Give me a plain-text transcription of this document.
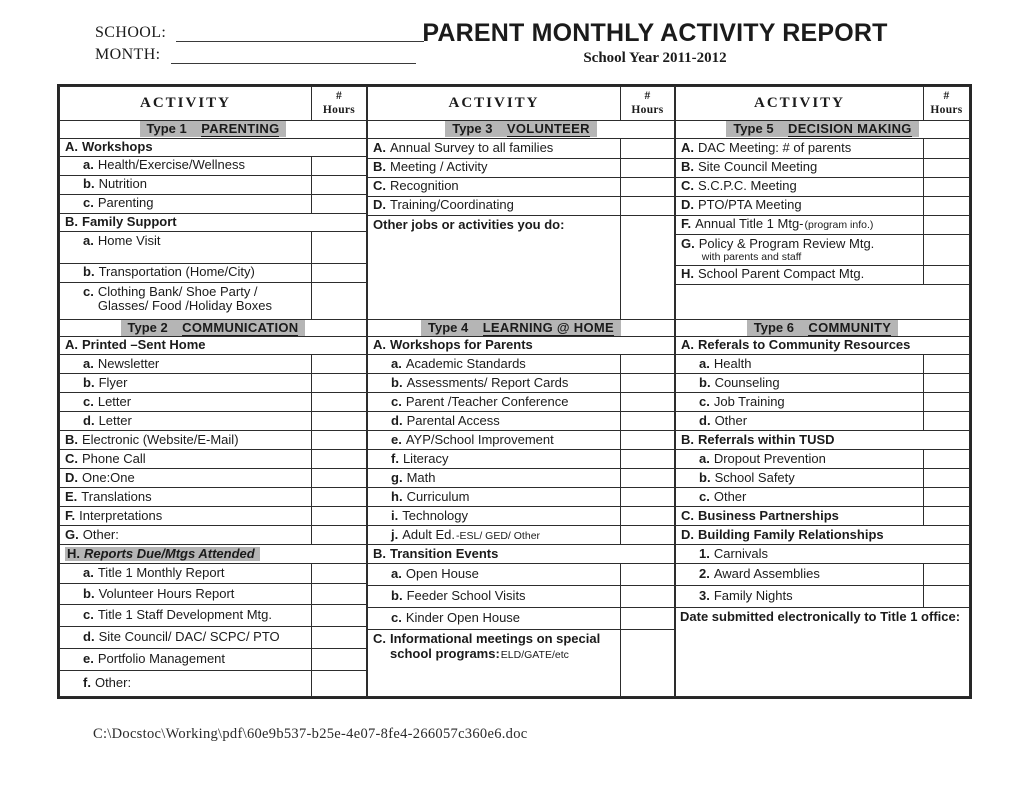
SCHOOL:
MONTH:
PARENT MONTHLY ACTIVITY REPORT
School Year 2011-2012
ACTIVITY	#
Hours

Type 1    PARENTING	

A. Workshops	

a. Health/Exercise/Wellness	

b. Nutrition	

c. Parenting	

B. Family Support	

a. Home Visit	

b. Transportation (Home/City)	

c. Clothing Bank/ Shoe Party / Glasses/ Food /Holiday Boxes	

Type 2    COMMUNICATION	

A. Printed –Sent Home	

a. Newsletter	

b. Flyer	

c. Letter	

d. Letter	

B. Electronic (Website/E-Mail)	

C. Phone Call	

D. One:One	

E. Translations	

F. Interpretations	

G. Other:	

H. Reports Due/Mtgs Attended	

a. Title 1 Monthly Report	

b. Volunteer Hours Report	

c. Title 1 Staff Development Mtg.	

d. Site Council/ DAC/ SCPC/ PTO	

e. Portfolio Management	

f. Other:	

ACTIVITY	#
Hours

Type 3    VOLUNTEER	

A. Annual Survey to all families	

B. Meeting / Activity	

C. Recognition	

D. Training/Coordinating	

Other jobs or activities you do:	

Type 4    LEARNING @ HOME	

A. Workshops for Parents	

a. Academic Standards	

b. Assessments/ Report Cards	

c. Parent /Teacher Conference	

d. Parental Access	

e. AYP/School Improvement	

f. Literacy	

g. Math	

h. Curriculum	

i. Technology	

j. Adult Ed.-ESL/ GED/ Other	

B. Transition Events	

a. Open House	

b. Feeder School Visits	

c. Kinder Open House	

C. Informational meetings on special school programs:ELD/GATE/etc	

ACTIVITY	#
Hours

Type 5    DECISION MAKING	

A. DAC Meeting: # of parents	

B. Site Council Meeting	

C. S.C.P.C. Meeting	

D. PTO/PTA Meeting	

F. Annual Title 1 Mtg-(program info.)	

G. Policy & Program Review Mtg.
with parents and staff	

H. School Parent Compact Mtg.	

Type 6    COMMUNITY	

A. Referals to Community Resources	

a. Health	

b. Counseling	

c. Job Training	

d. Other	

B. Referrals within TUSD	

a. Dropout Prevention	

b. School Safety	

c. Other	

C. Business Partnerships	

D. Building Family Relationships	

1. Carnivals	

2. Award Assemblies	

3. Family Nights	

Date submitted electronically to Title 1 office:	
C:\Docstoc\Working\pdf\60e9b537-b25e-4e07-8fe4-266057c360e6.doc
